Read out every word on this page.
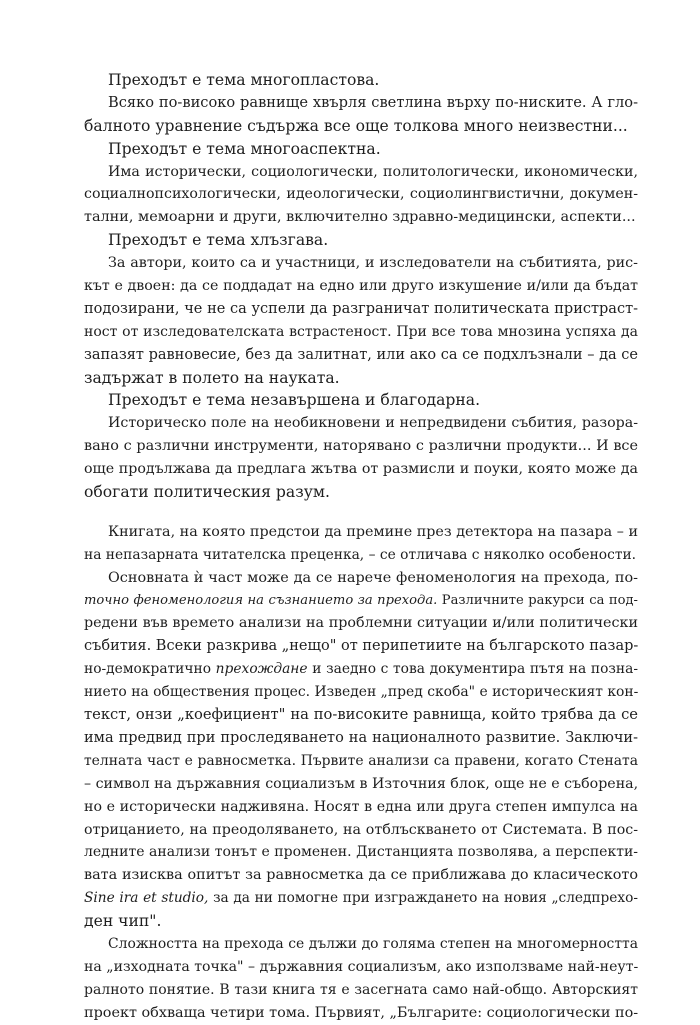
Преходът е тема многопластова.
Всяко по-високо равнище хвърля светлина върху по-ниските. А гло-
балното уравнение съдържа все още толкова много неизвестни...
Преходът е тема многоаспектна.
Има исторически, социологически, политологически, икономически,
социалнопсихологически, идеологически, социолингвистични, докумен-
тални, мемоарни и други, включително здравно-медицински, аспекти...
Преходът е тема хлъзгава.
За автори, които са и участници, и изследователи на събитията, рис-
кът е двоен: да се поддадат на едно или друго изкушение и/или да бъдат
подозирани, че не са успели да разграничат политическата пристраст-
ност от изследователската встрастеност. При все това мнозина успяха да
запазят равновесие, без да залитнат, или ако са се подхлъзнали – да се
задържат в полето на науката.
Преходът е тема незавършена и благодарна.
Историческо поле на необикновени и непредвидени събития, разора-
вано с различни инструменти, наторявано с различни продукти... И все
още продължава да предлага жътва от размисли и поуки, която може да
обогати политическия разум.
Книгата, на която предстои да премине през детектора на пазара – и
на непазарната читателска преценка, – се отличава с няколко особености.
Основната ѝ част може да се нарече феноменология на прехода, по-
точно феноменология на съзнанието за прехода. Различните ракурси са под-
редени във времето анализи на проблемни ситуации и/или политически
събития. Всеки разкрива „нещо" от перипетиите на българското пазар-
но-демократично прехождане и заедно с това документира пътя на позна-
нието на обществения процес. Изведен „пред скоба" е историческият кон-
текст, онзи „коефициент" на по-високите равнища, който трябва да се
има предвид при проследяването на националното развитие. Заключи-
телната част е равносметка. Първите анализи са правени, когато Стената
– символ на държавния социализъм в Източния блок, още не е съборена,
но е исторически надживяна. Носят в една или друга степен импулса на
отрицанието, на преодоляването, на отблъскването от Системата. В пос-
ледните анализи тонът е променен. Дистанцията позволява, а перспекти-
вата изисква опитът за равносметка да се приближава до класическото
Sine ira et studio, за да ни помогне при изграждането на новия „следпрехо-
ден чип".
Сложността на прехода се дължи до голяма степен на многомерността
на „изходната точка" – държавния социализъм, ако използваме най-неут-
ралното понятие. В тази книга тя е засегната само най-общо. Авторският
проект обхваща четири тома. Първият, „Българите: социологически по-
